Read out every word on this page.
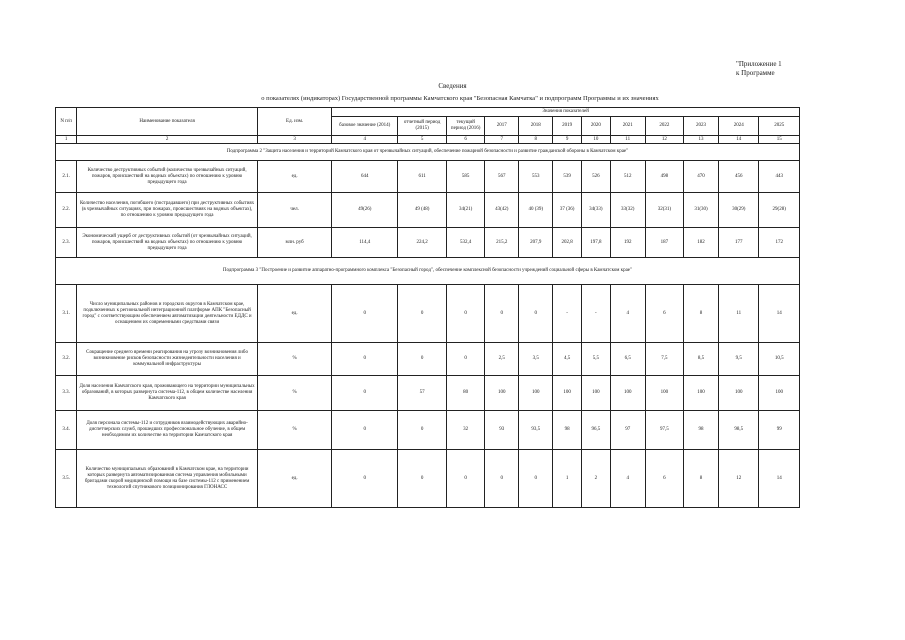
"Приложение 1
к Программе
Сведения
о показателях (индикаторах) Государственной программы Камчатского края "Безопасная Камчатка" и подпрограмм Программы и их значениях
N п/п	Наименование показателя	Ед. изм.	Значения показателей											
			базовое значение (2014)	отчетный период (2015)	текущий период (2016)	2017	2018	2019	2020	2021	2022	2023	2024	2025
1	2	3	4	5	6	7	8	9	10	11	12	13	14	15
Подпрограмма 2 "Защита населения и территорий Камчатского края от чрезвычайных ситуаций, обеспечение пожарной безопасности и развитие гражданской обороны в Камчатском крае"														
2.1.	Количество деструктивных событий (количество чрезвычайных ситуаций, пожаров, происшествий на водных объектах) по отношению к уровню предыдущего года	ед.	644	611	585	567	553	539	526	512	498	470	456	443
2.2.	Количество населения, погибшего (пострадавшего) при деструктивных событиях (в чрезвычайных ситуациях, при пожарах, происшествиях на водных объектах), по отношению к уровню предыдущего года	чел.	49(26)	49 (48)	34(21)	43(42)	40 (39)	37 (36)	34(33)	33(32)	32(31)	31(30)	30(29)	29(28)
2.3.	Экономический ущерб от деструктивных событий (от чрезвычайных ситуаций, пожаров, происшествий на водных объектах) по отношению к уровню предыдущего года	млн. руб	114,4	224,2	532,4	215,2	207,9	202,8	197,8	192	187	182	177	172
Подпрограмма 3 "Построение и развитие аппаратно-программного комплекса "Безопасный город", обеспечение комплексной безопасности учреждений социальной сферы в Камчатском крае"														
3.1.	Число муниципальных районов и городских округов в Камчатском крае, подключенных к региональной интеграционной платформе АПК "Безопасный город" с соответствующим обеспечением автоматизации деятельности ЕДДС и оснащением их современными средствами связи	ед.	0	0	0	0	0	-	-	4	6	8	11	14
3.2.	Сокращение среднего времени реагирования на угрозу возникновения либо возникновение рисков безопасности жизнедеятельности населения и коммунальной инфраструктуры	%	0	0	0	2,5	3,5	4,5	5,5	6,5	7,5	8,5	9,5	10,5
3.3.	Доля населения Камчатского края, проживающего на территории муниципальных образований, в которых развернута система-112, в общем количестве населения Камчатского края	%	0	57	80	100	100	100	100	100	100	100	100	100
3.4.	Доля персонала системы-112 и сотрудников взаимодействующих аварийно-диспетчерских служб, прошедших профессиональное обучение, в общем необходимом их количестве на территории Камчатского края	%	0	0	32	93	93,5	98	96,5	97	97,5	98	98,5	99
3.5.	Количество муниципальных образований в Камчатском крае, на территории которых развернута автоматизированная система управления мобильными бригадами скорой медицинской помощи на базе системы-112 с применением технологий спутникового позиционирования ГЛОНАСС	ед.	0	0	0	0	0	1	2	4	6	8	12	14
